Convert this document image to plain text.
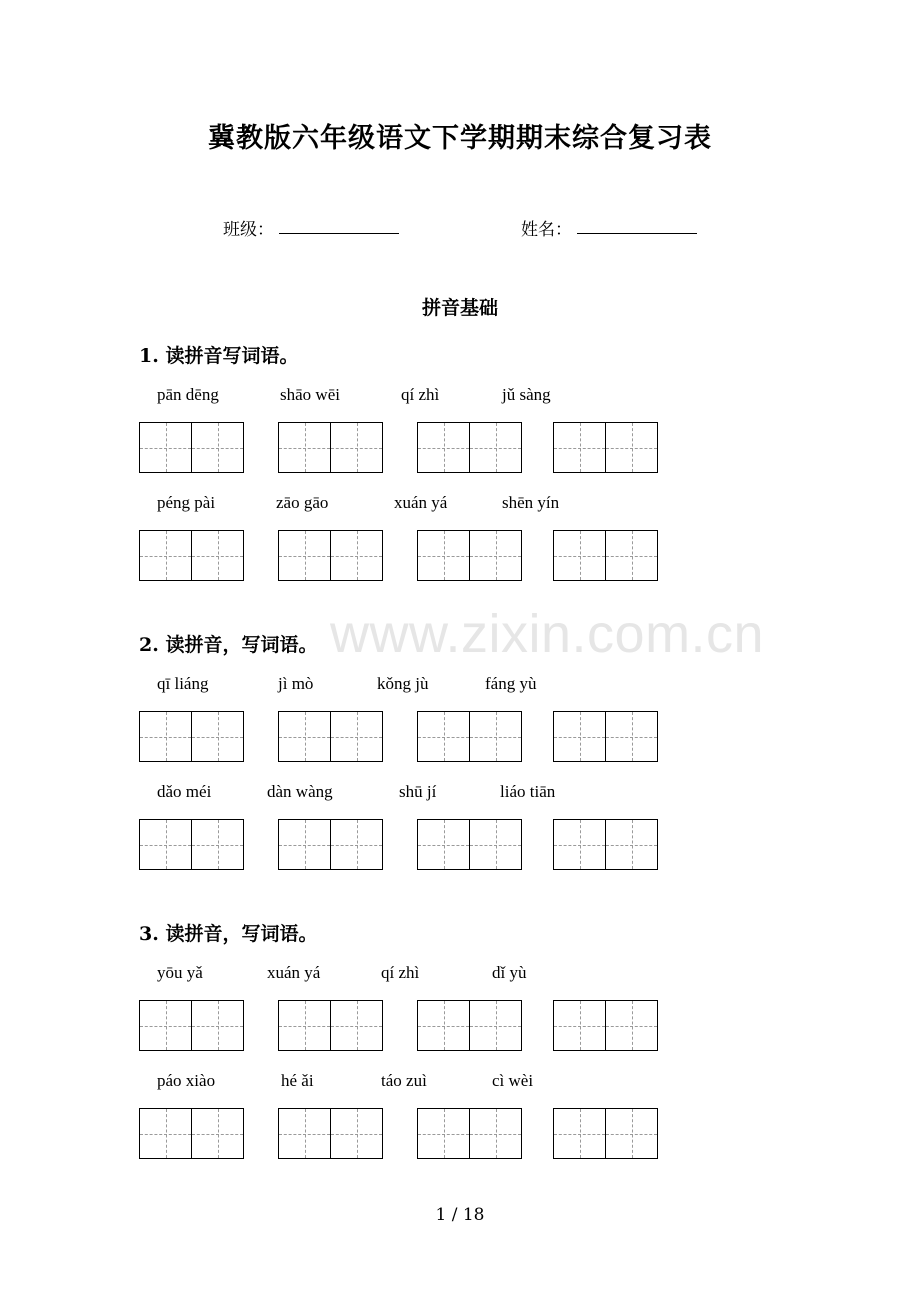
冀教版六年级语文下学期期末综合复习表
班级：	姓名：
拼音基础
www.zixin.com.cn
1. 读拼音写词语。
pān dēng	shāo wēi	qí zhì	jǔ sàng
péng pài	zāo gāo	xuán yá	shēn yín
2. 读拼音，写词语。
qī liáng	jì mò	kǒng jù	fáng yù
dǎo méi	dàn wàng	shū jí	liáo tiān
3. 读拼音，写词语。
yōu yǎ	xuán yá	qí zhì	dǐ yù
páo xiào	hé ǎi	táo zuì	cì wèi
1 / 18
